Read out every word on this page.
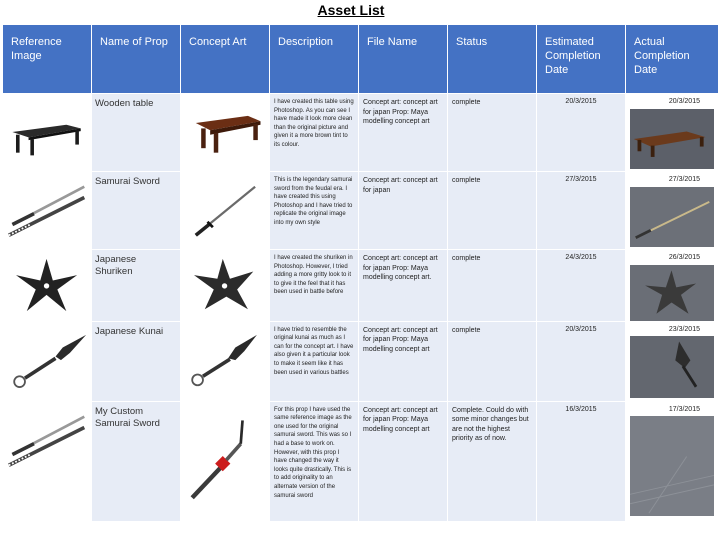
Asset List
Reference Image	Name of Prop	Concept Art	Description	File Name	Status	Estimated Completion Date	Actual Completion Date

	Wooden table		I have created this table using Photoshop. As you can see I have made it look more clean than the original picture and given it a more brown tint to its colour.	Concept art: concept art for japan Prop: Maya modelling concept art	complete	20/3/2015	20/3/2015

	Samurai Sword		This is the legendary samurai sword from the feudal era. I have created this using Photoshop and I have tried to replicate the original image into my own style	Concept art: concept art for japan	complete	27/3/2015	27/3/2015

	Japanese Shuriken		I have created the shuriken in Photoshop. However, I tried adding a more gritty look to it to give it the feel that it has been used in battle before	Concept art: concept art for japan Prop: Maya modelling concept art.	complete	24/3/2015	26/3/2015

	Japanese Kunai		I have tried to resemble the original kunai as much as I can for the concept art. I have also given it a particular look to make it seem like it has been used in various battles	Concept art: concept art for japan Prop: Maya modelling concept art	complete	20/3/2015	23/3/2015

	My Custom Samurai Sword		For this prop I have used the same reference image as the one used for the original samurai sword. This was so I had a base to work on. However, with this prop I have changed the way it looks quite drastically. This is to add originality to an alternate version of the samurai sword	Concept art: concept art for japan Prop: Maya modelling concept art	Complete. Could do with some minor changes but are not the highest priority as of now.	16/3/2015	17/3/2015
